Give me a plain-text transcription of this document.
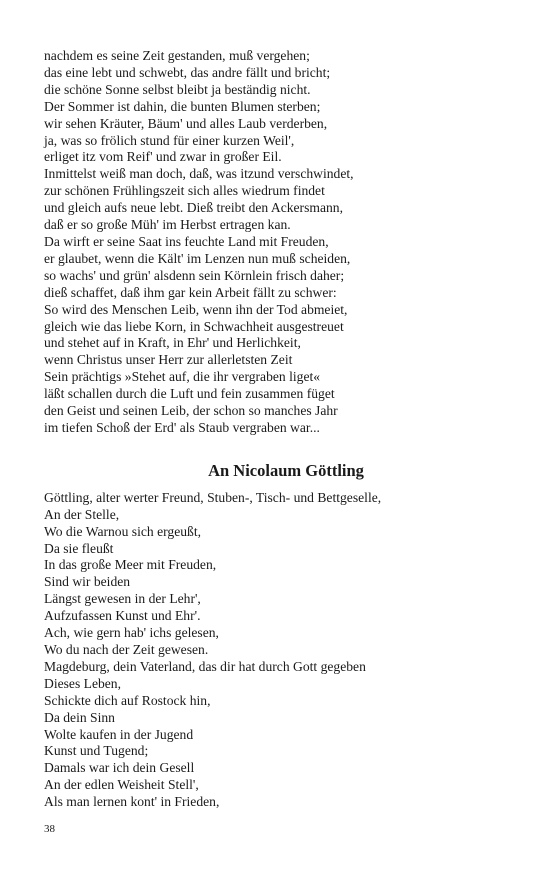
nachdem es seine Zeit gestanden, muß vergehen;
das eine lebt und schwebt, das andre fällt und bricht;
die schöne Sonne selbst bleibt ja beständig nicht.
Der Sommer ist dahin, die bunten Blumen sterben;
wir sehen Kräuter, Bäum' und alles Laub verderben,
ja, was so frölich stund für einer kurzen Weil',
erliget itz vom Reif' und zwar in großer Eil.
Inmittelst weiß man doch, daß, was itzund verschwindet,
zur schönen Frühlingszeit sich alles wiedrum findet
und gleich aufs neue lebt. Dieß treibt den Ackersmann,
daß er so große Müh' im Herbst ertragen kan.
Da wirft er seine Saat ins feuchte Land mit Freuden,
er glaubet, wenn die Kält' im Lenzen nun muß scheiden,
so wachs' und grün' alsdenn sein Körnlein frisch daher;
dieß schaffet, daß ihm gar kein Arbeit fällt zu schwer:
So wird des Menschen Leib, wenn ihn der Tod abmeiet,
gleich wie das liebe Korn, in Schwachheit ausgestreuet
und stehet auf in Kraft, in Ehr' und Herlichkeit,
wenn Christus unser Herr zur allerletsten Zeit
Sein prächtigs »Stehet auf, die ihr vergraben liget«
läßt schallen durch die Luft und fein zusammen füget
den Geist und seinen Leib, der schon so manches Jahr
im tiefen Schoß der Erd' als Staub vergraben war...
An Nicolaum Göttling
Göttling, alter werter Freund, Stuben-, Tisch- und Bettgeselle,
An der Stelle,
Wo die Warnou sich ergeußt,
Da sie fleußt
In das große Meer mit Freuden,
Sind wir beiden
Längst gewesen in der Lehr',
Aufzufassen Kunst und Ehr'.
Ach, wie gern hab' ichs gelesen,
Wo du nach der Zeit gewesen.
Magdeburg, dein Vaterland, das dir hat durch Gott gegeben
Dieses Leben,
Schickte dich auf Rostock hin,
Da dein Sinn
Wolte kaufen in der Jugend
Kunst und Tugend;
Damals war ich dein Gesell
An der edlen Weisheit Stell',
Als man lernen kont' in Frieden,
38
